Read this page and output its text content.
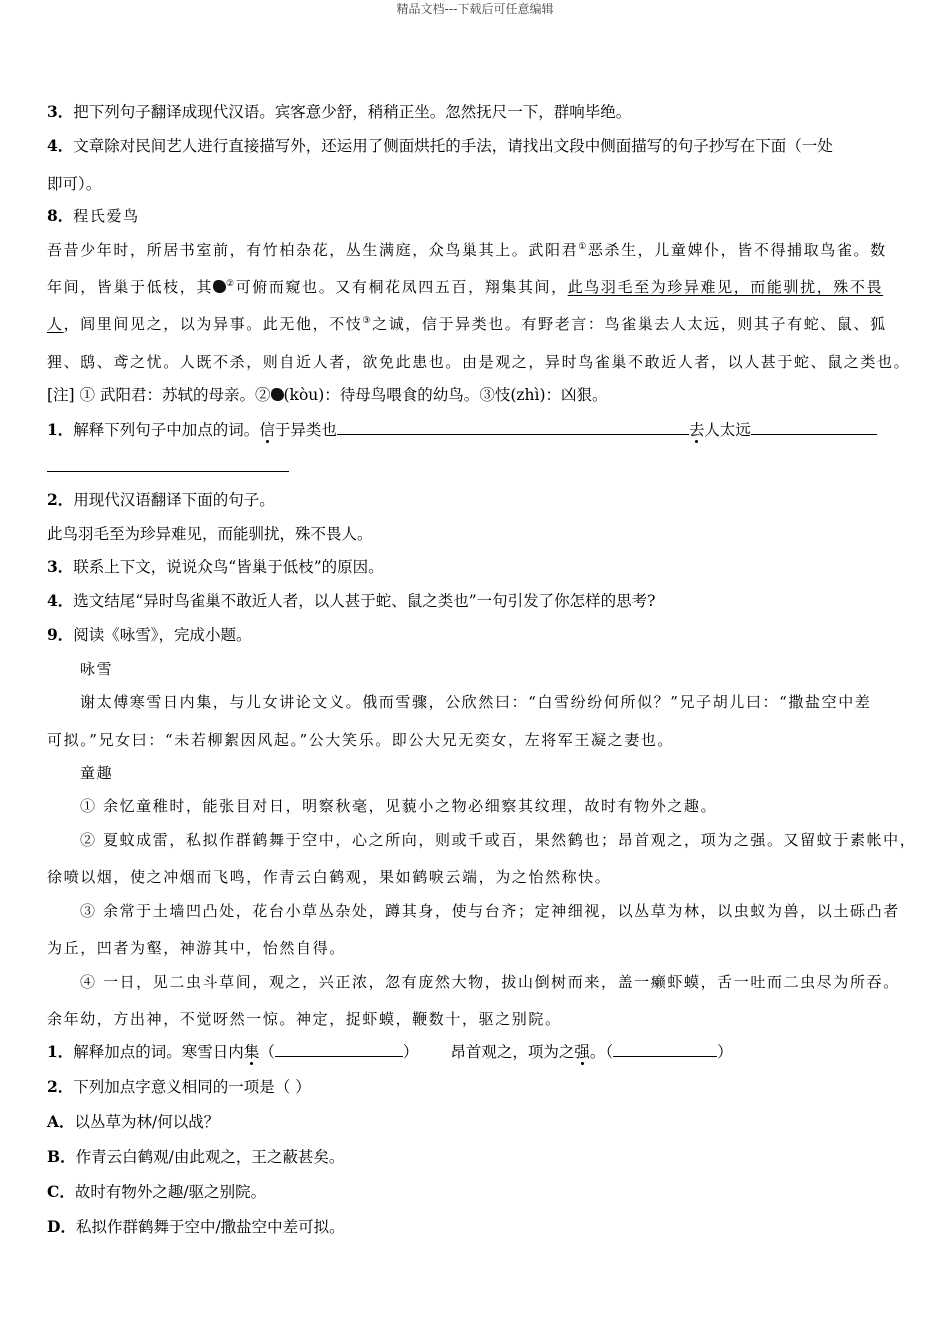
精品文档---下载后可任意编辑
3．把下列句子翻译成现代汉语。宾客意少舒，稍稍正坐。忽然抚尺一下，群响毕绝。
4．文章除对民间艺人进行直接描写外，还运用了侧面烘托的手法，请找出文段中侧面描写的句子抄写在下面（一处
即可）。
8．程氏爱鸟
吾昔少年时，所居书室前，有竹柏杂花，丛生满庭，众鸟巢其上。武阳君①恶杀生，儿童婢仆，皆不得捕取鸟雀。数
年间，皆巢于低枝，其 ②可俯而窥也。又有桐花凤四五百，翔集其间，此鸟羽毛至为珍异难见，而能驯扰，殊不畏
人，闾里间见之，以为异事。此无他，不忮③之诚，信于异类也。有野老言：鸟雀巢去人太远，则其子有蛇、鼠、狐
狸、鸱、鸢之忧。人既不杀，则自近人者，欲免此患也。由是观之，异时鸟雀巢不敢近人者，以人甚于蛇、鼠之类也。
[注] ① 武阳君：苏轼的母亲。② (kòu)：待母鸟喂食的幼鸟。③忮(zhì)：凶狠。
1．解释下列句子中加点的词。信于异类也	去人太远
2．用现代汉语翻译下面的句子。
此鸟羽毛至为珍异难见，而能驯扰，殊不畏人。
3．联系上下文，说说众鸟“皆巢于低枝”的原因。
4．选文结尾“异时鸟雀巢不敢近人者，以人甚于蛇、鼠之类也”一句引发了你怎样的思考?
9．阅读《咏雪》，完成小题。
咏雪
谢太傅寒雪日内集，与儿女讲论文义。俄而雪骤，公欣然曰：“白雪纷纷何所似？”兄子胡儿曰：“撒盐空中差
可拟。”兄女曰：“未若柳絮因风起。”公大笑乐。即公大兄无奕女，左将军王凝之妻也。
童趣
① 余忆童稚时，能张目对日，明察秋毫，见藐小之物必细察其纹理，故时有物外之趣。
② 夏蚊成雷，私拟作群鹤舞于空中，心之所向，则或千或百，果然鹤也；昂首观之，项为之强。又留蚊于素帐中，
徐喷以烟，使之冲烟而飞鸣，作青云白鹤观，果如鹤唳云端，为之怡然称快。
③ 余常于土墙凹凸处，花台小草丛杂处，蹲其身，使与台齐；定神细视，以丛草为林，以虫蚁为兽，以土砾凸者
为丘，凹者为壑，神游其中，怡然自得。
④ 一日，见二虫斗草间，观之，兴正浓，忽有庞然大物，拔山倒树而来，盖一癞虾蟆，舌一吐而二虫尽为所吞。
余年幼，方出神，不觉呀然一惊。神定，捉虾蟆，鞭数十，驱之别院。
1．解释加点的词。寒雪日内集（	） 昂首观之，项为之强。（	）
2．下列加点字意义相同的一项是（ ）
A．以丛草为林/何以战？
B．作青云白鹤观/由此观之，王之蔽甚矣。
C．故时有物外之趣/驱之别院。
D．私拟作群鹤舞于空中/撒盐空中差可拟。
